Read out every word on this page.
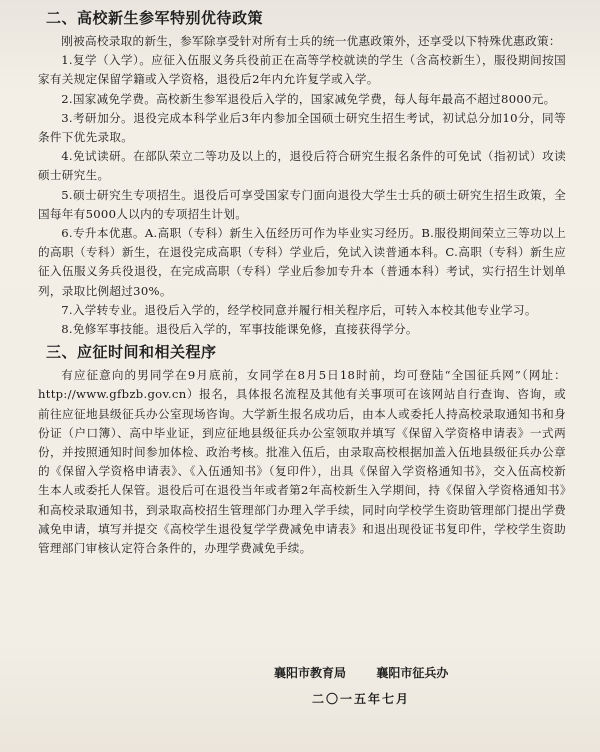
二、高校新生参军特别优待政策

刚被高校录取的新生，参军除享受针对所有士兵的统一优惠政策外，还享受以下特殊优惠政策：

1.复学（入学）。应征入伍服义务兵役前正在高等学校就读的学生（含高校新生），服役期间按国家有关规定保留学籍或入学资格，退役后2年内允许复学或入学。

2.国家减免学费。高校新生参军退役后入学的，国家减免学费，每人每年最高不超过8000元。

3.考研加分。退役完成本科学业后3年内参加全国硕士研究生招生考试，初试总分加10分，同等条件下优先录取。

4.免试读研。在部队荣立二等功及以上的，退役后符合研究生报名条件的可免试（指初试）攻读硕士研究生。

5.硕士研究生专项招生。退役后可享受国家专门面向退役大学生士兵的硕士研究生招生政策，全国每年有5000人以内的专项招生计划。

6.专升本优惠。A.高职（专科）新生入伍经历可作为毕业实习经历。B.服役期间荣立三等功以上的高职（专科）新生，在退役完成高职（专科）学业后，免试入读普通本科。C.高职（专科）新生应征入伍服义务兵役退役，在完成高职（专科）学业后参加专升本（普通本科）考试，实行招生计划单列，录取比例超过30%。

7.入学转专业。退役后入学的，经学校同意并履行相关程序后，可转入本校其他专业学习。

8.免修军事技能。退役后入学的，军事技能课免修，直接获得学分。

三、应征时间和相关程序

有应征意向的男同学在9月底前，女同学在8月5日18时前，均可登陆“全国征兵网”（网址：http://www.gfbzb.gov.cn）报名，具体报名流程及其他有关事项可在该网站自行查询、咨询，或前往应征地县级征兵办公室现场咨询。大学新生报名成功后，由本人或委托人持高校录取通知书和身份证（户口簿）、高中毕业证，到应征地县级征兵办公室领取并填写《保留入学资格申请表》一式两份，并按照通知时间参加体检、政治考核。批准入伍后，由录取高校根据加盖入伍地县级征兵办公章的《保留入学资格申请表》、《入伍通知书》（复印件），出具《保留入学资格通知书》，交入伍高校新生本人或委托人保管。退役后可在退役当年或者第2年高校新生入学期间，持《保留入学资格通知书》和高校录取通知书，到录取高校招生管理部门办理入学手续，同时向学校学生资助管理部门提出学费减免申请，填写并提交《高校学生退役复学学费减免申请表》和退出现役证书复印件，学校学生资助管理部门审核认定符合条件的，办理学费减免手续。

襄阳市教育局	襄阳市征兵办
二〇一五年七月
